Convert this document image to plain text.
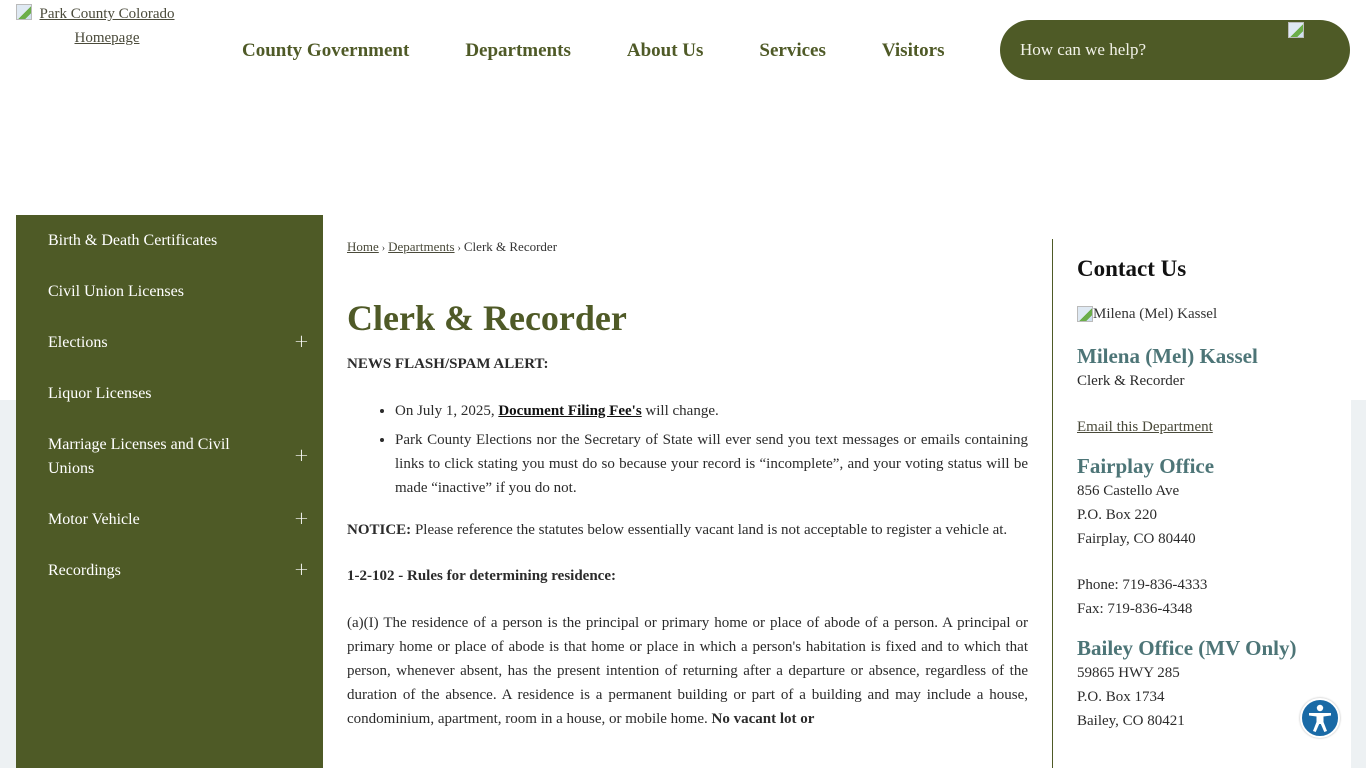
Park County Colorado Homepage
County Government	Departments	About Us	Services	Visitors
How can we help?
Birth & Death Certificates
Civil Union Licenses
Elections	+
Liquor Licenses
Marriage Licenses and Civil Unions
+
Motor Vehicle	+
Recordings	+
Home › Departments › Clerk & Recorder
Clerk & Recorder

NEWS FLASH/SPAM ALERT:

• On July 1, 2025, Document Filing Fee's will change.
• Park County Elections nor the Secretary of State will ever send you text messages or emails containing links to click stating you must do so because your record is “incomplete”, and your voting status will be made “inactive” if you do not.

NOTICE: Please reference the statutes below essentially vacant land is not acceptable to register a vehicle at.

1-2-102 - Rules for determining residence:

(a)(I) The residence of a person is the principal or primary home or place of abode of a person. A principal or primary home or place of abode is that home or place in which a person's habitation is fixed and to which that person, whenever absent, has the present intention of returning after a departure or absence, regardless of the duration of the absence. A residence is a permanent building or part of a building and may include a house, condominium, apartment, room in a house, or mobile home. No vacant lot or

Contact Us
Milena (Mel) Kassel
Milena (Mel) Kassel
Clerk & Recorder
Email this Department
Fairplay Office
856 Castello Ave
P.O. Box 220
Fairplay, CO 80440
Phone: 719-836-4333
Fax: 719-836-4348
Bailey Office (MV Only)
59865 HWY 285
P.O. Box 1734
Bailey, CO 80421
